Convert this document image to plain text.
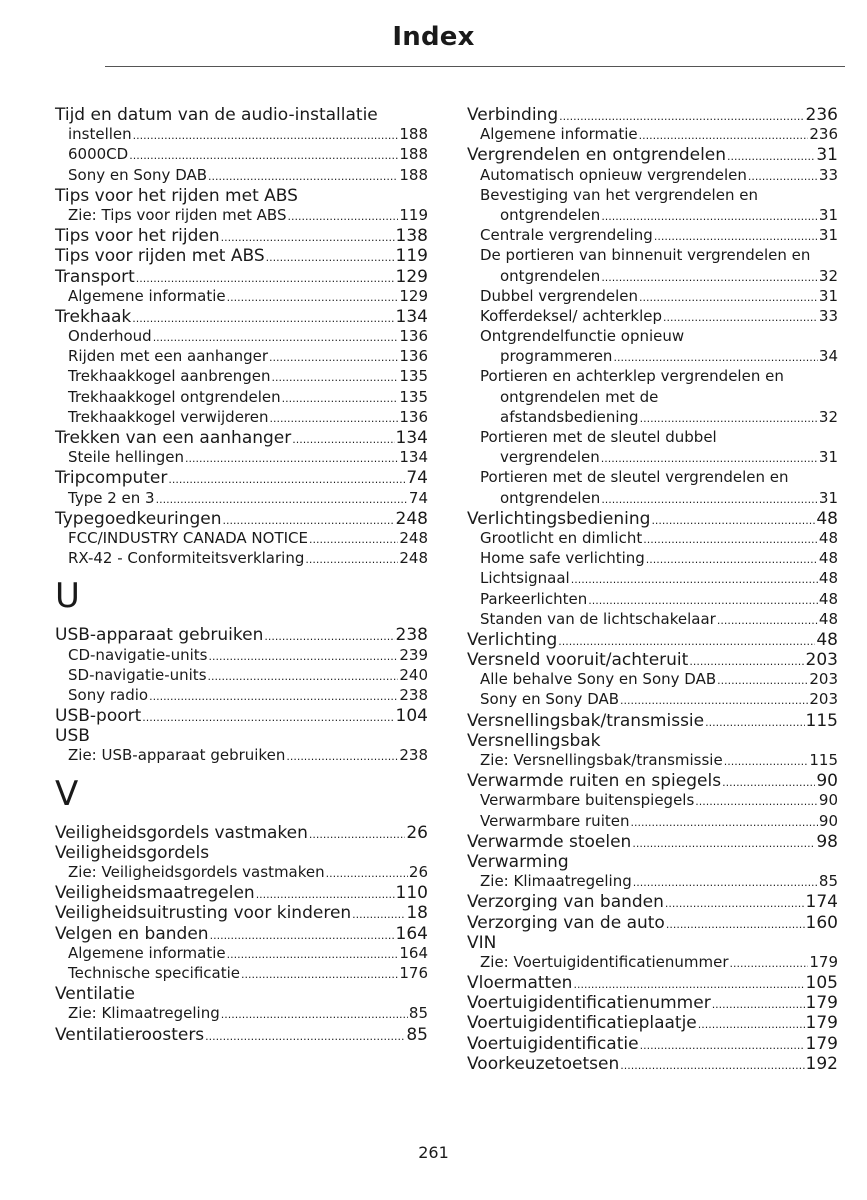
Index
Tijd en datum van de audio-installatie
instellen .....	188
6000CD .....	188
Sony en Sony DAB .....	188
Tips voor het rijden met ABS
Zie: Tips voor rijden met ABS .....	119
Tips voor het rijden .....	138
Tips voor rijden met ABS .....	119
Transport .....	129
Algemene informatie .....	129
Trekhaak .....	134
Onderhoud .....	136
Rijden met een aanhanger .....	136
Trekhaakkogel aanbrengen .....	135
Trekhaakkogel ontgrendelen .....	135
Trekhaakkogel verwijderen .....	136
Trekken van een aanhanger .....	134
Steile hellingen .....	134
Tripcomputer .....	74
Type 2 en 3 .....	74
Typegoedkeuringen .....	248
FCC/INDUSTRY CANADA NOTICE .....	248
RX-42 - Conformiteitsverklaring .....	248
U
USB-apparaat gebruiken .....	238
CD-navigatie-units .....	239
SD-navigatie-units .....	240
Sony radio .....	238
USB-poort .....	104
USB
Zie: USB-apparaat gebruiken .....	238
V
Veiligheidsgordels vastmaken .....	26
Veiligheidsgordels
Zie: Veiligheidsgordels vastmaken .....	26
Veiligheidsmaatregelen .....	110
Veiligheidsuitrusting voor kinderen .....	18
Velgen en banden .....	164
Algemene informatie .....	164
Technische specificatie .....	176
Ventilatie
Zie: Klimaatregeling .....	85
Ventilatieroosters .....	85
Verbinding .....	236
Algemene informatie .....	236
Vergrendelen en ontgrendelen .....	31
Automatisch opnieuw vergrendelen .....	33
Bevestiging van het vergrendelen en
ontgrendelen .....	31
Centrale vergrendeling .....	31
De portieren van binnenuit vergrendelen en
ontgrendelen .....	32
Dubbel vergrendelen .....	31
Kofferdeksel/ achterklep .....	33
Ontgrendelfunctie opnieuw
programmeren .....	34
Portieren en achterklep vergrendelen en
ontgrendelen met de
afstandsbediening .....	32
Portieren met de sleutel dubbel
vergrendelen .....	31
Portieren met de sleutel vergrendelen en
ontgrendelen .....	31
Verlichtingsbediening .....	48
Grootlicht en dimlicht .....	48
Home safe verlichting .....	48
Lichtsignaal .....	48
Parkeerlichten .....	48
Standen van de lichtschakelaar .....	48
Verlichting .....	48
Versneld vooruit/achteruit .....	203
Alle behalve Sony en Sony DAB .....	203
Sony en Sony DAB .....	203
Versnellingsbak/transmissie .....	115
Versnellingsbak
Zie: Versnellingsbak/transmissie .....	115
Verwarmde ruiten en spiegels .....	90
Verwarmbare buitenspiegels .....	90
Verwarmbare ruiten .....	90
Verwarmde stoelen .....	98
Verwarming
Zie: Klimaatregeling .....	85
Verzorging van banden .....	174
Verzorging van de auto .....	160
VIN
Zie: Voertuigidentificatienummer .....	179
Vloermatten .....	105
Voertuigidentificatienummer .....	179
Voertuigidentificatieplaatje .....	179
Voertuigidentificatie .....	179
Voorkeuzetoetsen .....	192
261
